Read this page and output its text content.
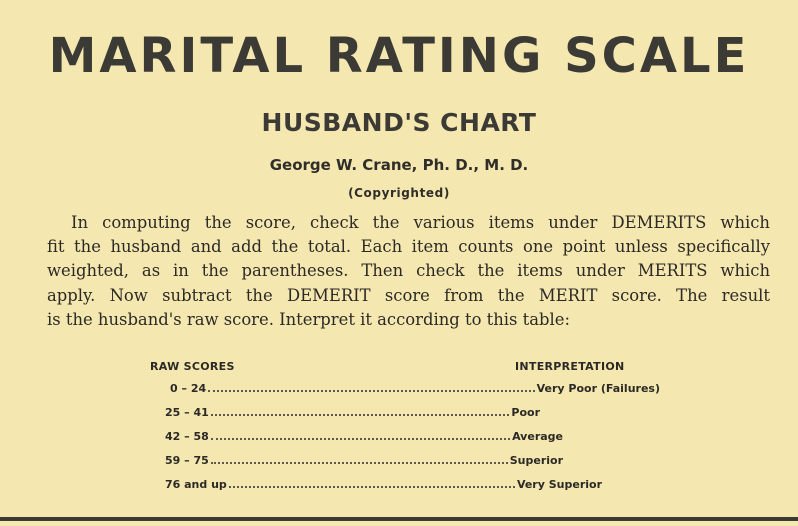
MARITAL RATING SCALE
HUSBAND'S CHART
George W. Crane, Ph. D., M. D.
(Copyrighted)
In computing the score, check the various items under DEMERITS which
fit the husband and add the total. Each item counts one point unless specifically
weighted, as in the parentheses. Then check the items under MERITS which
apply. Now subtract the DEMERIT score from the MERIT score. The result
is the husband's raw score. Interpret it according to this table:
RAW SCORES	INTERPRETATION
0 – 24	Very Poor (Failures)
25 – 41	Poor
42 – 58	Average
59 – 75	Superior
76 and up	Very Superior
